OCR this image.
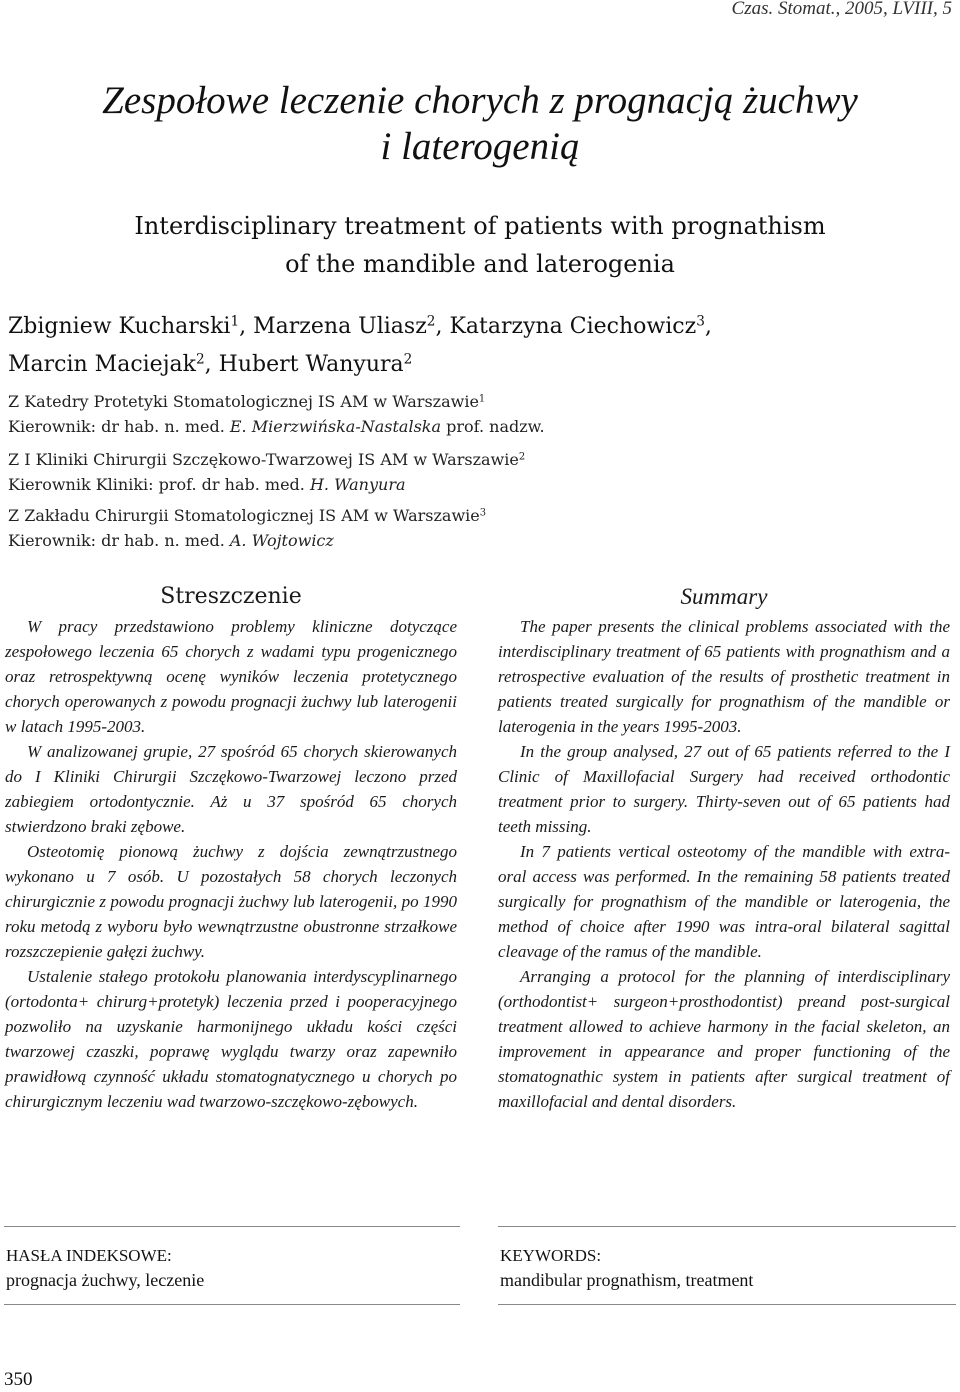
Czas. Stomat., 2005, LVIII, 5
Zespołowe leczenie chorych z prognacją żuchwy
i laterogenią
Interdisciplinary treatment of patients with prognathism
of the mandible and laterogenia
Zbigniew Kucharski$^1$, Marzena Uliasz$^2$, Katarzyna Ciechowicz$^3$,
Marcin Maciejak$^2$, Hubert Wanyura$^2$
Z Katedry Protetyki Stomatologicznej IS AM w Warszawie$^1$
Kierownik: dr hab. n. med. E. Mierzwińska-Nastalska prof. nadzw.
Z I Kliniki Chirurgii Szczękowo-Twarzowej IS AM w Warszawie$^2$
Kierownik Kliniki: prof. dr hab. med. H. Wanyura
Z Zakładu Chirurgii Stomatologicznej IS AM w Warszawie$^3$
Kierownik: dr hab. n. med. A. Wojtowicz
Streszczenie

W pracy przedstawiono problemy kliniczne dotyczące zespołowego leczenia 65 chorych z wadami typu progenicznego oraz retrospektywną ocenę wyników leczenia protetycznego chorych operowanych z powodu prognacji żuchwy lub laterogenii w latach 1995-2003.

W analizowanej grupie, 27 spośród 65 chorych skierowanych do I Kliniki Chirurgii Szczękowo-Twarzowej leczono przed zabiegiem ortodontycznie. Aż u 37 spośród 65 chorych stwierdzono braki zębowe.

Osteotomię pionową żuchwy z dojścia zewnątrzustnego wykonano u 7 osób. U pozostałych 58 chorych leczonych chirurgicznie z powodu prognacji żuchwy lub laterogenii, po 1990 roku metodą z wyboru było wewnątrzustne obustronne strzałkowe rozszczepienie gałęzi żuchwy.

Ustalenie stałego protokołu planowania interdyscyplinarnego (ortodonta+ chirurg+protetyk) leczenia przed i pooperacyjnego pozwoliło na uzyskanie harmonijnego układu kości części twarzowej czaszki, poprawę wyglądu twarzy oraz zapewniło prawidłową czynność układu stomatognatycznego u chorych po chirurgicznym leczeniu wad twarzowo-szczękowo-zębowych.

Summary

The paper presents the clinical problems associated with the interdisciplinary treatment of 65 patients with prognathism and a retrospective evaluation of the results of prosthetic treatment in patients treated surgically for prognathism of the mandible or laterogenia in the years 1995-2003.

In the group analysed, 27 out of 65 patients referred to the I Clinic of Maxillofacial Surgery had received orthodontic treatment prior to surgery. Thirty-seven out of 65 patients had teeth missing.

In 7 patients vertical osteotomy of the mandible with extra-oral access was performed. In the remaining 58 patients treated surgically for prognathism of the mandible or laterogenia, the method of choice after 1990 was intra-oral bilateral sagittal cleavage of the ramus of the mandible.

Arranging a protocol for the planning of interdisciplinary (orthodontist+ surgeon+prosthodontist) preand post-surgical treatment allowed to achieve harmony in the facial skeleton, an improvement in appearance and proper functioning of the stomatognathic system in patients after surgical treatment of maxillofacial and dental disorders.

HASŁA INDEKSOWE:
prognacja żuchwy, leczenie
KEYWORDS:
mandibular prognathism, treatment
350
